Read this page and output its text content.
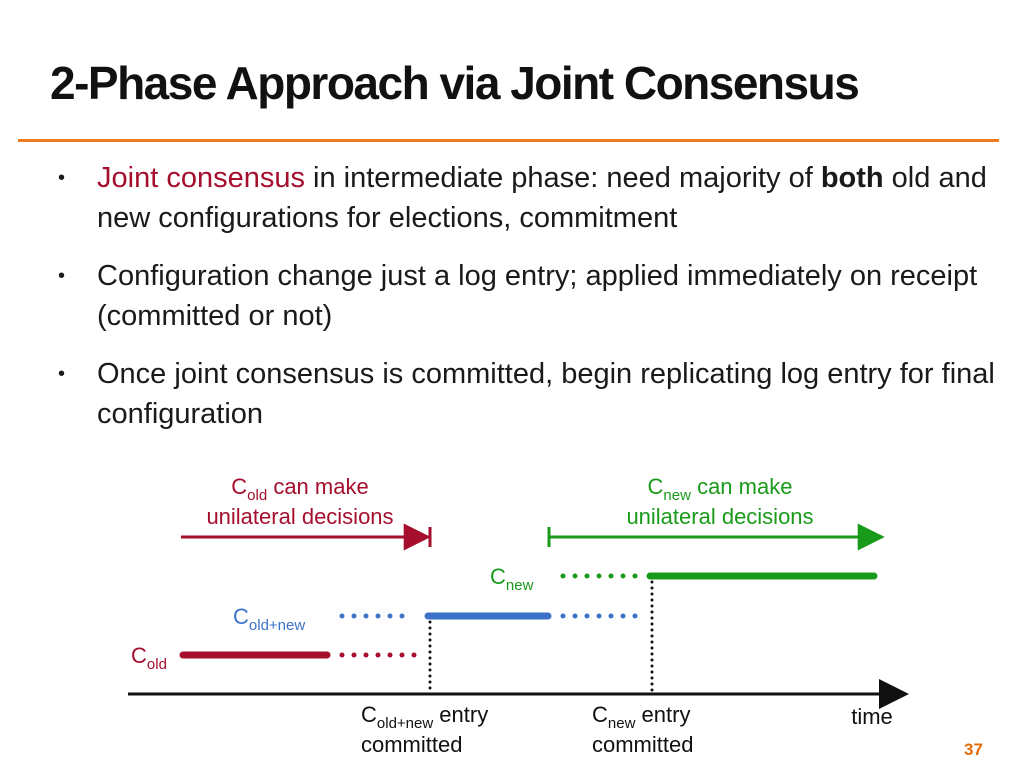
2-Phase Approach via Joint Consensus
• Joint consensus in intermediate phase: need majority of both old and new configurations for elections, commitment
• Configuration change just a log entry; applied immediately on receipt (committed or not)
• Once joint consensus is committed, begin replicating log entry for final configuration
$C_{old}$ can make
unilateral decisions
$C_{new}$ can make
unilateral decisions
$C_{new}$
$C_{old+new}$
$C_{old}$
time
$C_{old+new}$ entry
committed
$C_{new}$ entry
committed	37
